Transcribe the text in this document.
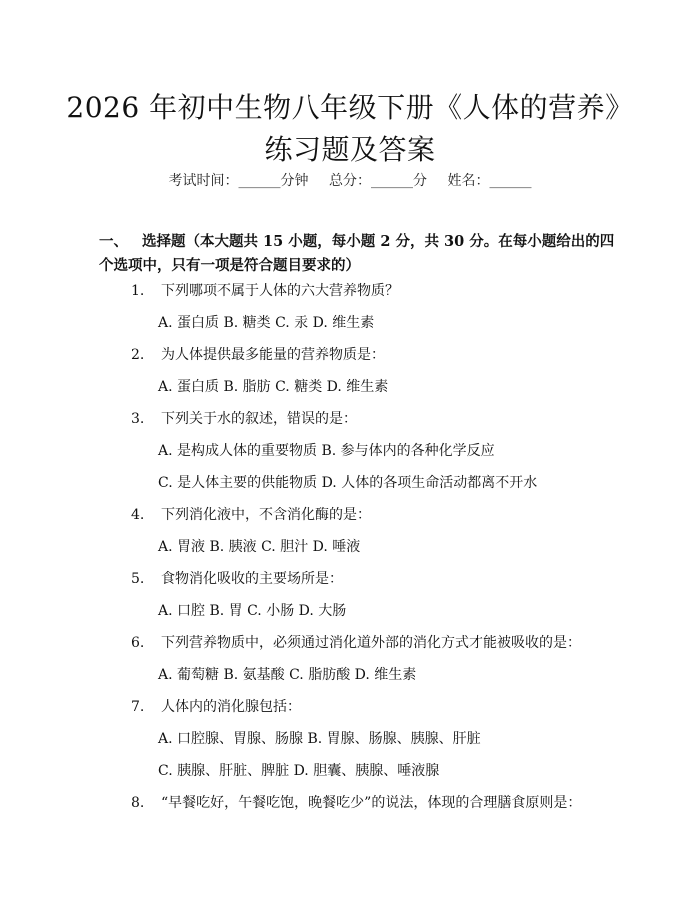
2026 年初中生物八年级下册《人体的营养》
练习题及答案
考试时间：______分钟 总分：______分 姓名：______
一、 选择题（本大题共 15 小题，每小题 2 分，共 30 分。在每小题给出的四个选项中，只有一项是符合题目要求的）
1. 下列哪项不属于人体的六大营养物质？
A. 蛋白质 B. 糖类 C. 汞 D. 维生素
2. 为人体提供最多能量的营养物质是：
A. 蛋白质 B. 脂肪 C. 糖类 D. 维生素
3. 下列关于水的叙述，错误的是：
A. 是构成人体的重要物质 B. 参与体内的各种化学反应
C. 是人体主要的供能物质 D. 人体的各项生命活动都离不开水
4. 下列消化液中，不含消化酶的是：
A. 胃液 B. 胰液 C. 胆汁 D. 唾液
5. 食物消化吸收的主要场所是：
A. 口腔 B. 胃 C. 小肠 D. 大肠
6. 下列营养物质中，必须通过消化道外部的消化方式才能被吸收的是：
A. 葡萄糖 B. 氨基酸 C. 脂肪酸 D. 维生素
7. 人体内的消化腺包括：
A. 口腔腺、胃腺、肠腺 B. 胃腺、肠腺、胰腺、肝脏
C. 胰腺、肝脏、脾脏 D. 胆囊、胰腺、唾液腺
8. “早餐吃好，午餐吃饱，晚餐吃少”的说法，体现的合理膳食原则是：
